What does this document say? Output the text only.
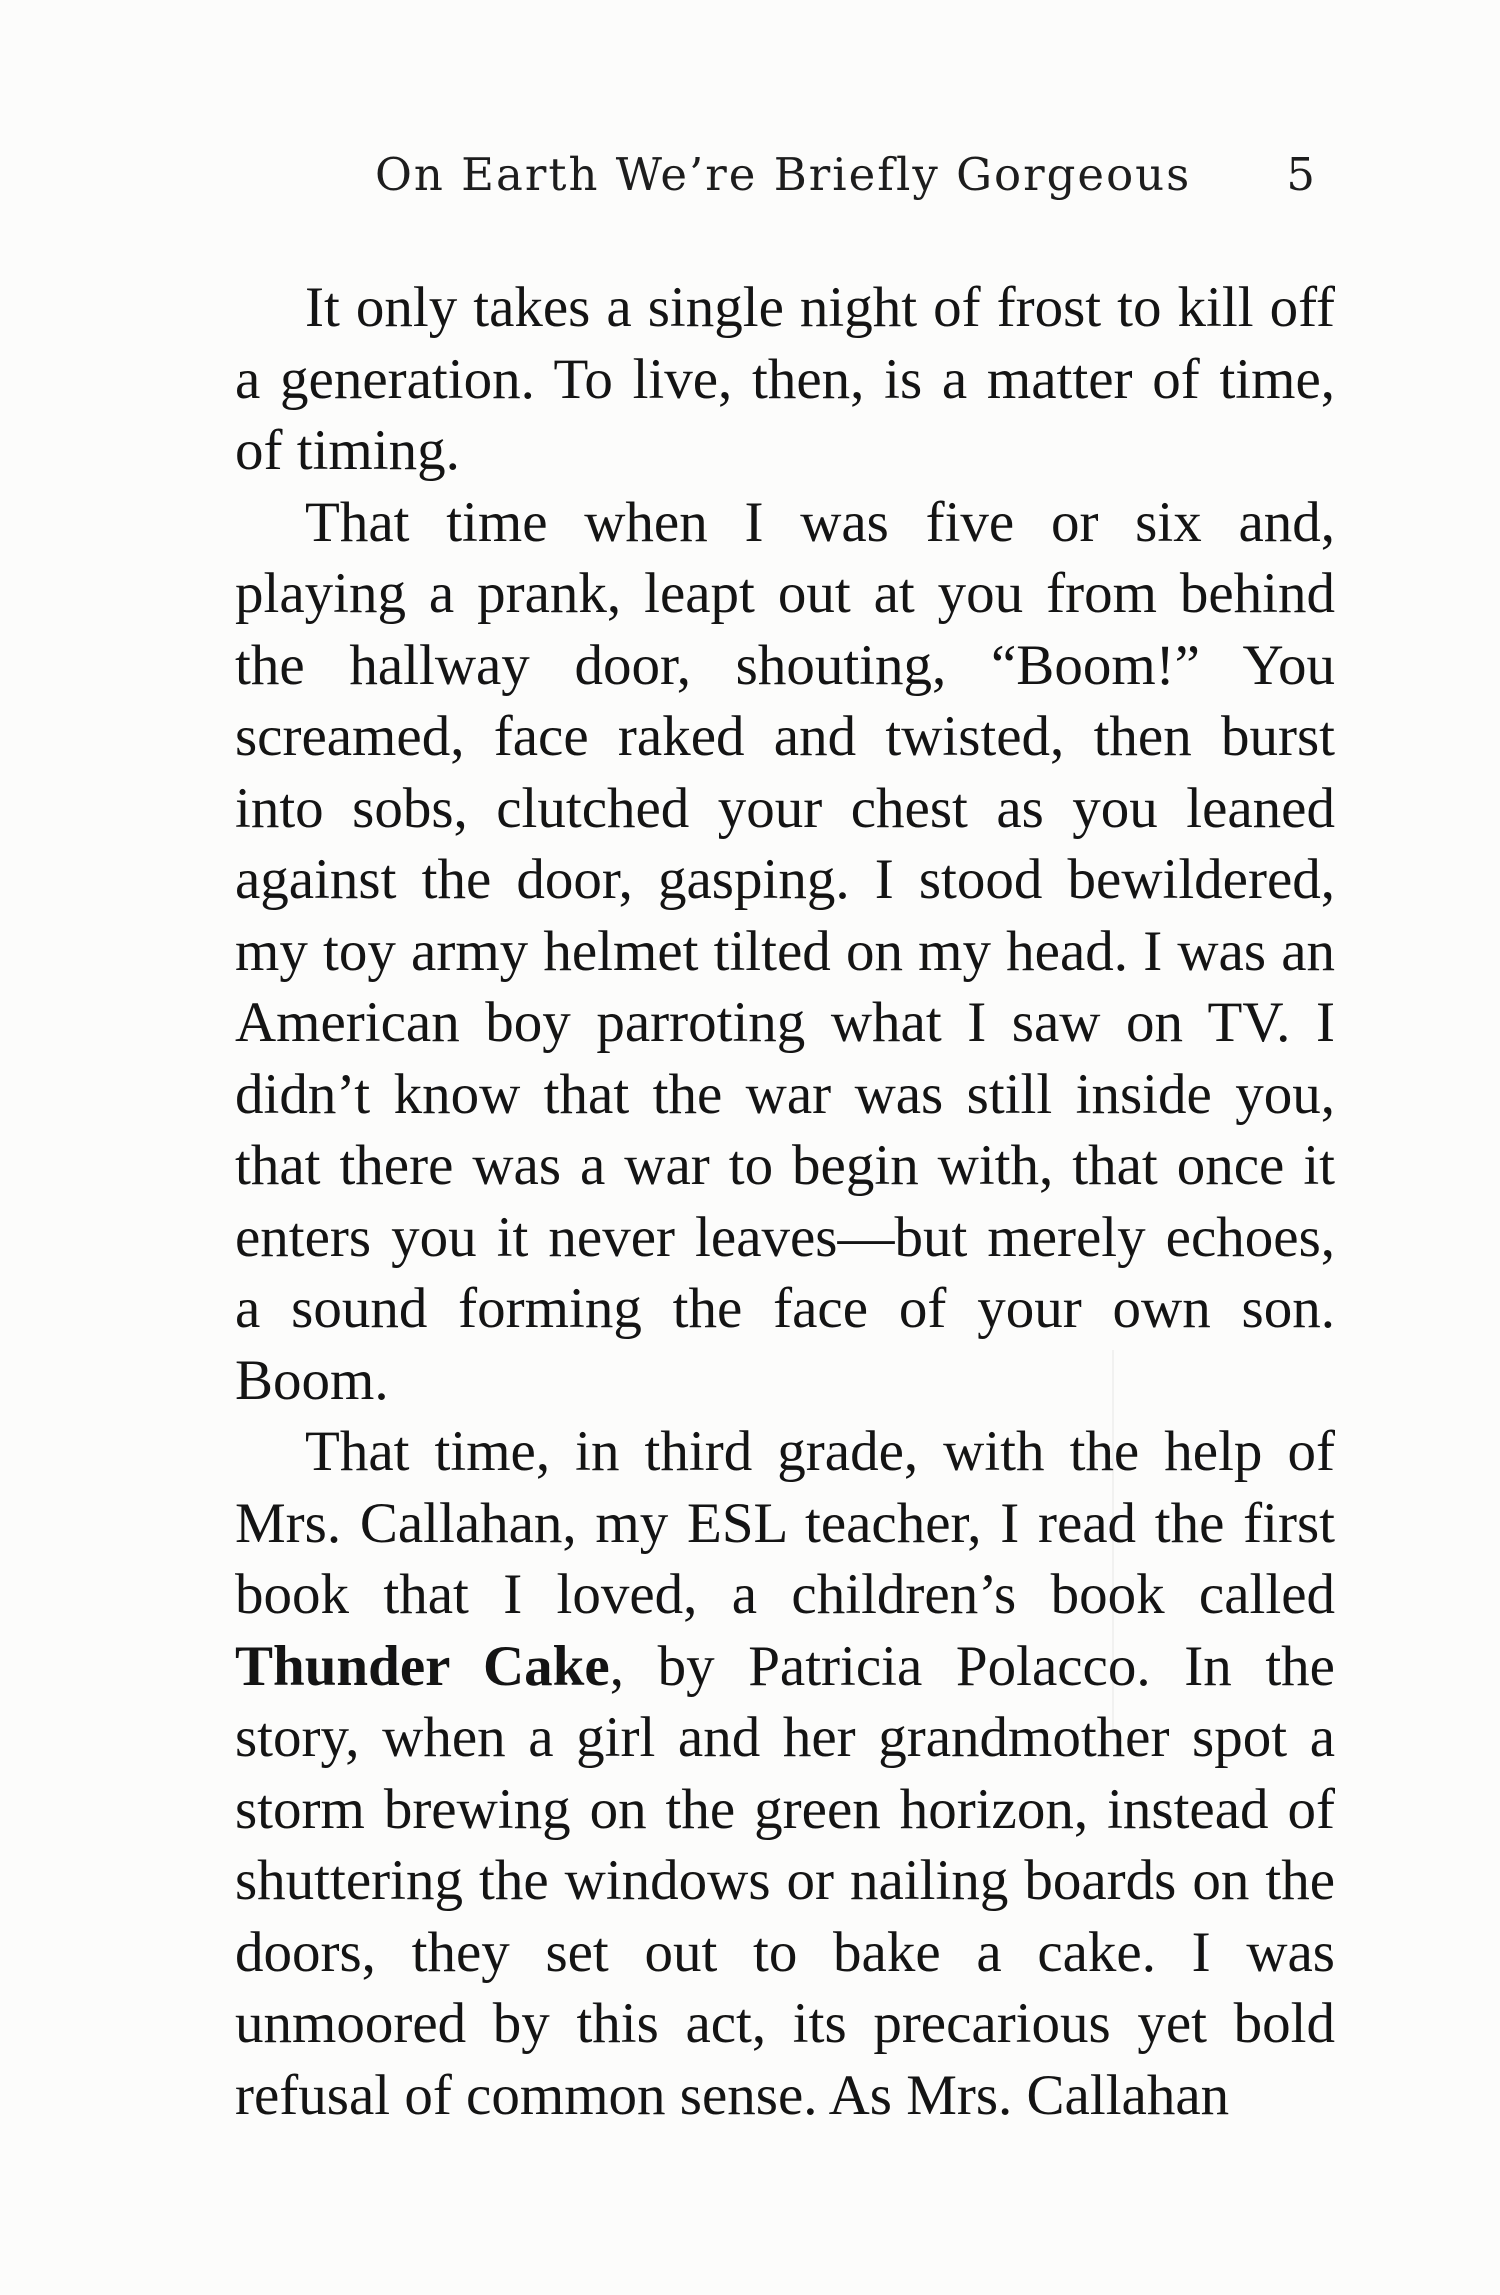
On Earth We’re Briefly Gorgeous 5

It only takes a single night of frost to kill off a generation. To live, then, is a matter of time, of timing.

That time when I was five or six and, playing a prank, leapt out at you from behind the hallway door, shouting, “Boom!” You screamed, face raked and twisted, then burst into sobs, clutched your chest as you leaned against the door, gasping. I stood bewildered, my toy army helmet tilted on my head. I was an American boy parroting what I saw on TV. I didn’t know that the war was still inside you, that there was a war to begin with, that once it enters you it never leaves—but merely echoes, a sound forming the face of your own son. Boom.

That time, in third grade, with the help of Mrs. Callahan, my ESL teacher, I read the first book that I loved, a children’s book called Thunder Cake, by Patricia Polacco. In the story, when a girl and her grandmother spot a storm brewing on the green horizon, instead of shuttering the windows or nailing boards on the doors, they set out to bake a cake. I was unmoored by this act, its precarious yet bold refusal of common sense. As Mrs. Callahan
